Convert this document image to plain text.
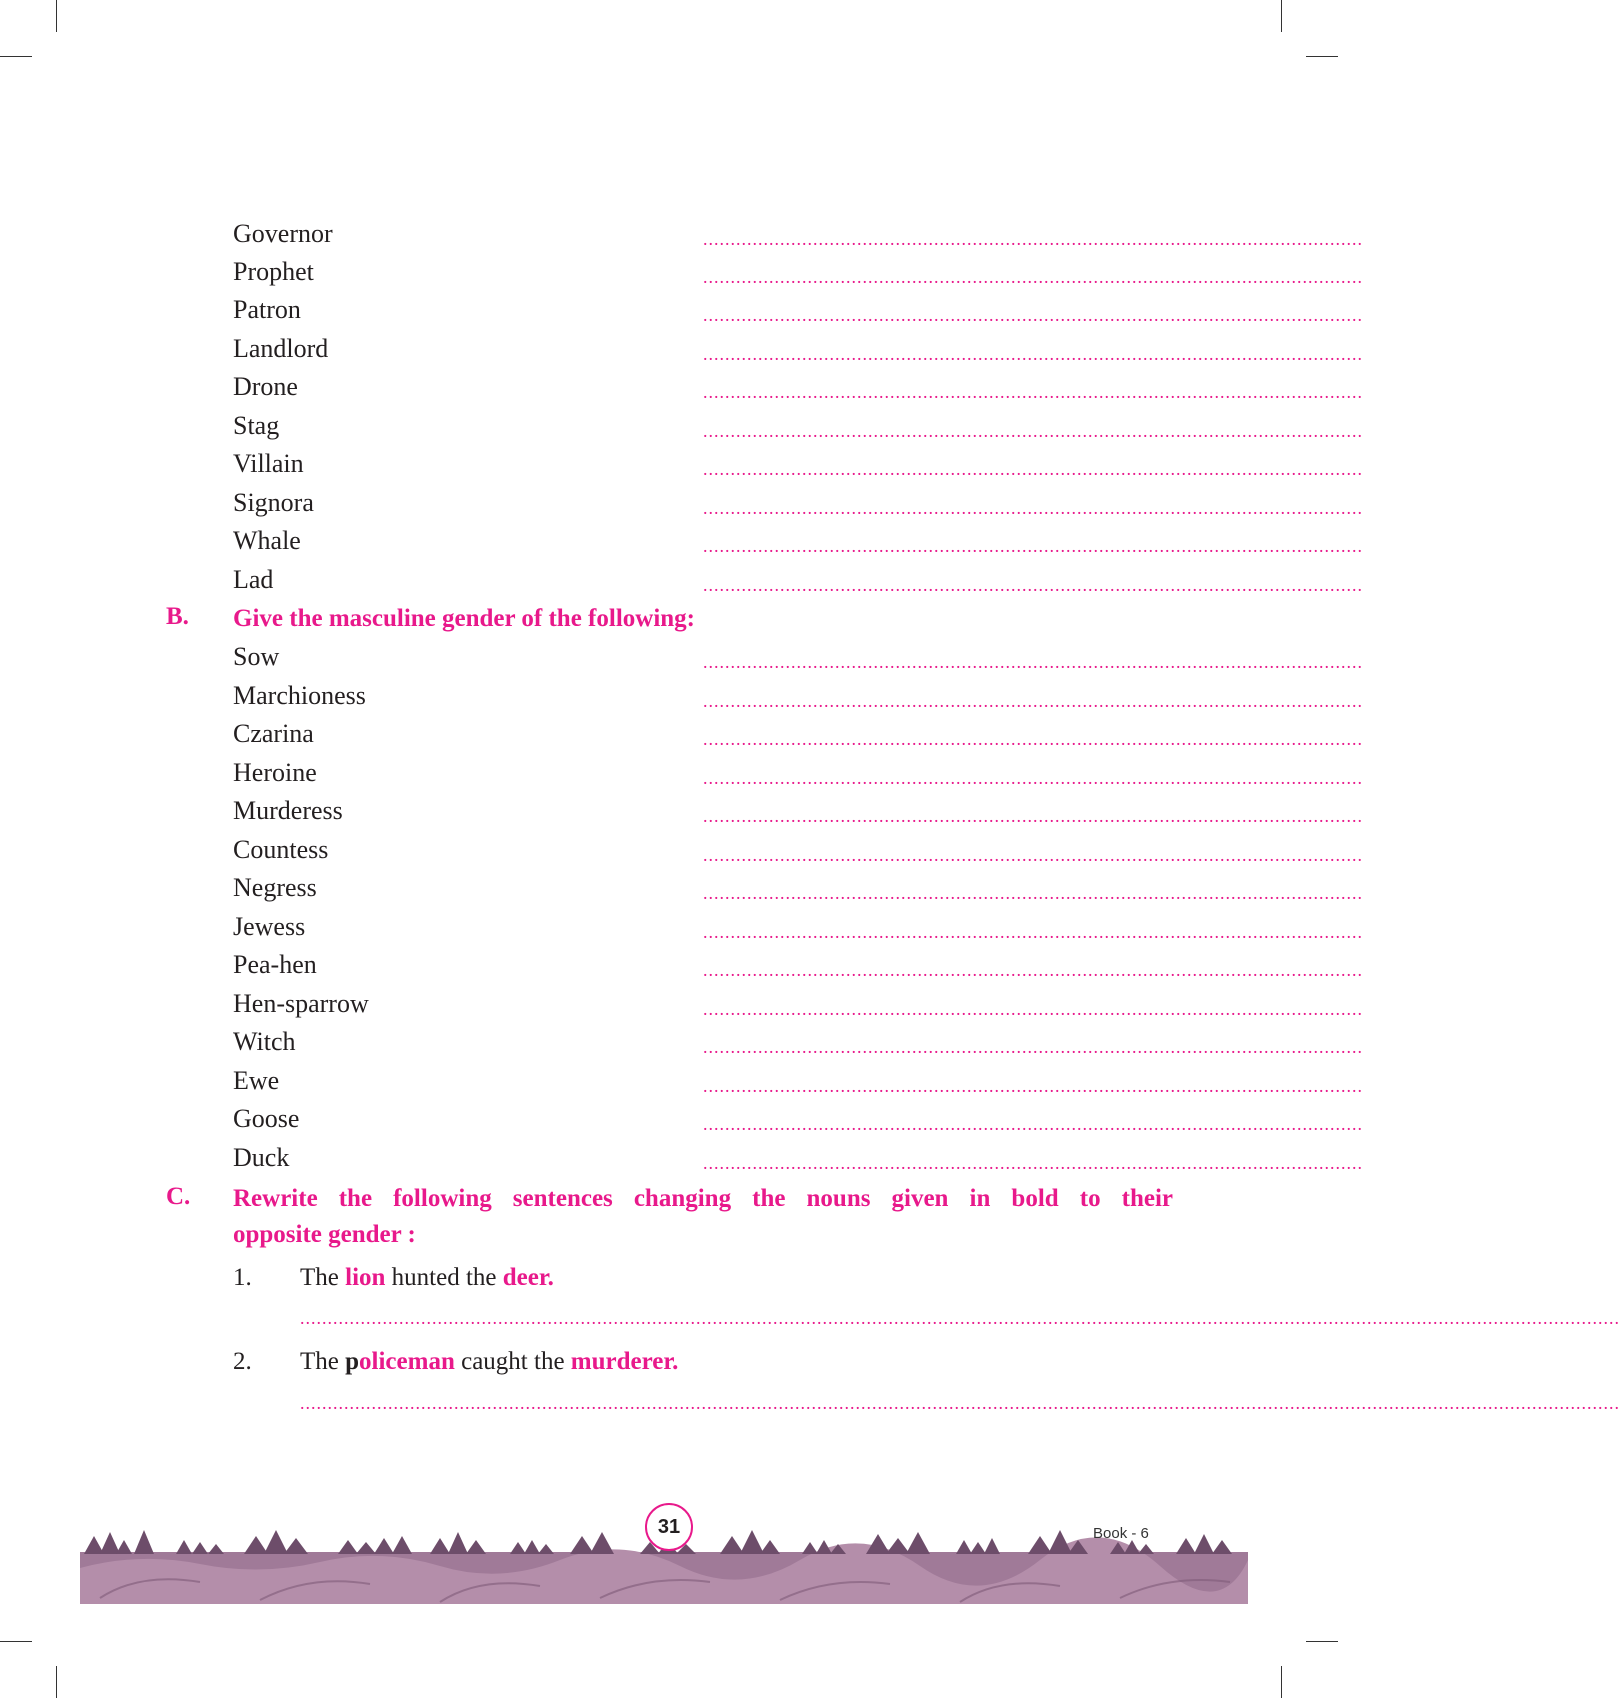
Governor	........................................................................................................................
Prophet	........................................................................................................................
Patron	........................................................................................................................
Landlord	........................................................................................................................
Drone	........................................................................................................................
Stag	........................................................................................................................
Villain	........................................................................................................................
Signora	........................................................................................................................
Whale	........................................................................................................................
Lad	........................................................................................................................
B. Give the masculine gender of the following:
Sow	........................................................................................................................
Marchioness	........................................................................................................................
Czarina	........................................................................................................................
Heroine	........................................................................................................................
Murderess	........................................................................................................................
Countess	........................................................................................................................
Negress	........................................................................................................................
Jewess	........................................................................................................................
Pea-hen	........................................................................................................................
Hen-sparrow	........................................................................................................................
Witch	........................................................................................................................
Ewe	........................................................................................................................
Goose	........................................................................................................................
Duck	........................................................................................................................
C. Rewrite the following sentences changing the nouns given in bold to their
opposite gender :
1. The lion hunted the deer.
................................................................................................................................................................................................................................................
2. The policeman caught the murderer.
................................................................................................................................................................................................................................................
31	Book - 6
